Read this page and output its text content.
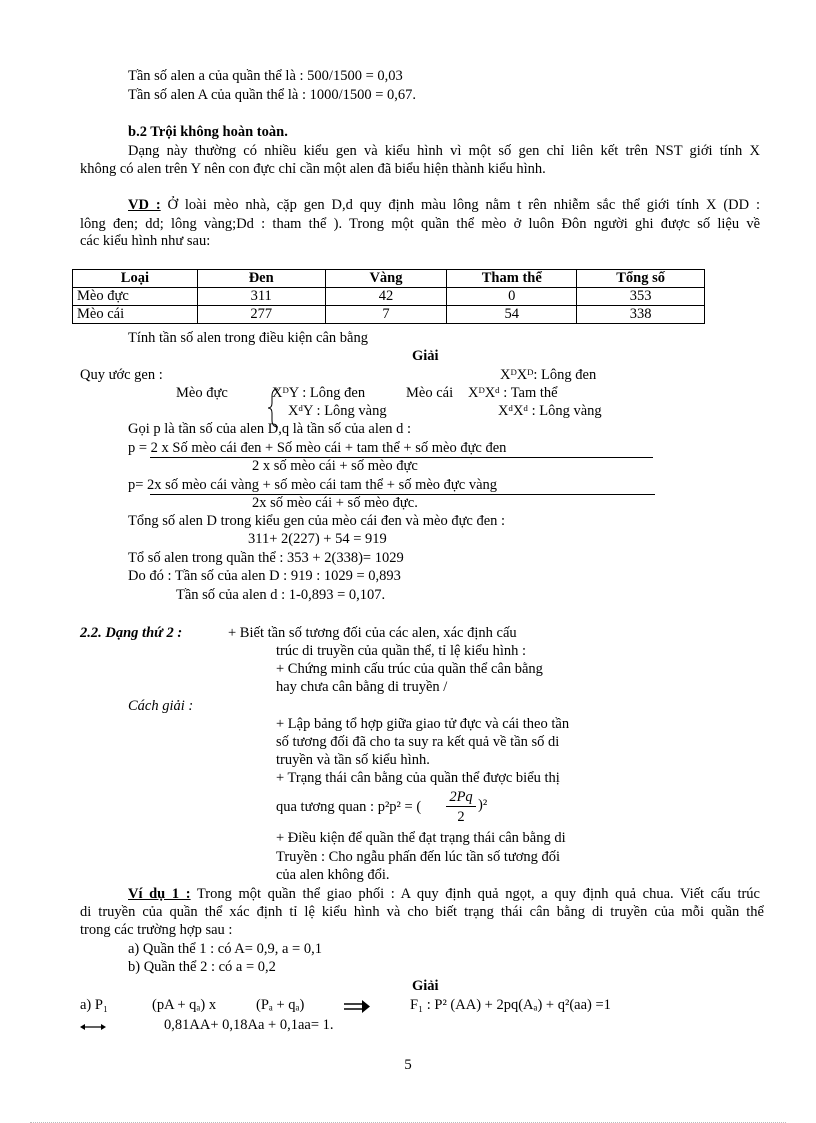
Tần số alen a của quần thể là : 500/1500 = 0,03
Tần số alen A của quần thể là : 1000/1500 = 0,67.
b.2 Trội không hoàn toàn.
Dạng này thường có nhiều kiểu gen và kiểu hình vì một số gen chỉ liên kết trên NST giới tính X
không có alen trên Y nên con đực chỉ cần một alen đã biểu hiện thành kiểu hình.
VD : Ở loài mèo nhà, cặp gen D,d quy định màu lông nằm t rên nhiễm sắc thể giới tính X (DD :
lông đen; dd; lông vàng;Dd : tham thể ). Trong một quần thể mèo ở luôn Đôn người ghi được số liệu về
các kiểu hình như sau:
Loại	Đen	Vàng	Tham thể	Tổng số
Mèo đực	311	42	0	353
Mèo cái	277	7	54	338
Tính tần số alen trong điều kiện cân bằng
Giải
Quy ước gen :	XᴰXᴰ: Lông đen
Mèo đực	XᴰY : Lông đen	Mèo cái XᴰXᵈ : Tam thể
XᵈY : Lông vàng	XᵈXᵈ : Lông vàng
Gọi p là tần số của alen D,q là tần số của alen d :
p = 2 x Số mèo cái đen + Số mèo cái + tam thể + số mèo đực đen
2 x số mèo cái + số mèo đực
p= 2x số mèo cái vàng + số mèo cái tam thể + số mèo đực vàng
2x số mèo cái + số mèo đực.
Tổng số alen D trong kiểu gen của mèo cái đen và mèo đực đen :
311+ 2(227) + 54 = 919
Tổ số alen trong quần thể : 353 + 2(338)= 1029
Do đó : Tần số của alen D : 919 : 1029 = 0,893
Tần số của alen d : 1-0,893 = 0,107.
2.2. Dạng thứ 2 :	+ Biết tần số tương đối của các alen, xác định cấu
trúc di truyền của quần thể, tỉ lệ kiểu hình :
+ Chứng minh cấu trúc của quần thể cân bằng
hay chưa cân bằng di truyền /
Cách giải :
+ Lập bảng tổ hợp giữa giao tử đực và cái theo tần
số tương đối đã cho ta suy ra kết quả về tần số di
truyền và tần số kiểu hình.
+ Trạng thái cân bằng của quần thể được biểu thị
qua tương quan : p²p² = (
2Pq
2
)²
+ Điều kiện để quần thể đạt trạng thái cân bằng di
Truyền : Cho ngẫu phấn đến lúc tần số tương đối
của alen không đổi.
Ví dụ 1 : Trong một quần thể giao phối : A quy định quả ngọt, a quy định quả chua. Viết cấu trúc
di truyền của quần thể xác định tỉ lệ kiểu hình và cho biết trạng thái cân bằng di truyền của mỗi quần thể
trong các trường hợp sau :
a) Quần thể 1 : có A= 0,9, a = 0,1
b) Quần thể 2 : có a = 0,2
Giải
a) P₁	(pA + qₐ) x	(Pₐ + qₐ)	F₁ : P² (AA) + 2pq(Aₐ) + q²(aa) =1
0,81AA+ 0,18Aa + 0,1aa= 1.
5
